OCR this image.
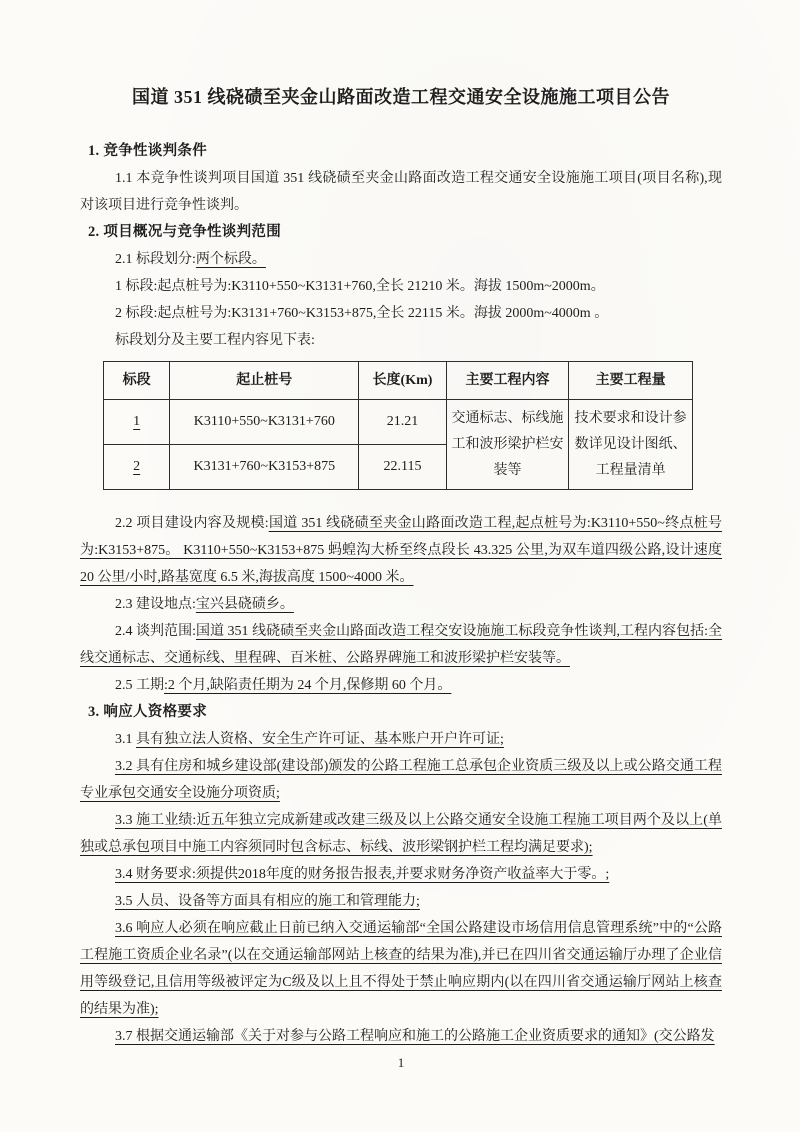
国道 351 线硗碛至夹金山路面改造工程交通安全设施施工项目公告
1. 竞争性谈判条件

1.1 本竞争性谈判项目国道 351 线硗碛至夹金山路面改造工程交通安全设施施工项目(项目名称),现对该项目进行竞争性谈判。

2. 项目概况与竞争性谈判范围

2.1 标段划分:两个标段。

1 标段:起点桩号为:K3110+550~K3131+760,全长 21210 米。海拔 1500m~2000m。

2 标段:起点桩号为:K3131+760~K3153+875,全长 22115 米。海拔 2000m~4000m 。

标段划分及主要工程内容见下表:

标段	起止桩号	长度(Km)	主要工程内容	主要工程量
1	K3110+550~K3131+760	21.21	交通标志、标线施工和波形梁护栏安装等	技术要求和设计参数详见设计图纸、工程量清单
2	K3131+760~K3153+875	22.115		

2.2 项目建设内容及规模:国道 351 线硗碛至夹金山路面改造工程,起点桩号为:K3110+550~终点桩号为:K3153+875。 K3110+550~K3153+875 蚂蝗沟大桥至终点段长 43.325 公里,为双车道四级公路,设计速度 20 公里/小时,路基宽度 6.5 米,海拔高度 1500~4000 米。

2.3 建设地点:宝兴县硗碛乡。

2.4 谈判范围:国道 351 线硗碛至夹金山路面改造工程交安设施施工标段竞争性谈判,工程内容包括:全线交通标志、交通标线、里程碑、百米桩、公路界碑施工和波形梁护栏安装等。

2.5 工期:2 个月,缺陷责任期为 24 个月,保修期 60 个月。

3. 响应人资格要求

3.1 具有独立法人资格、安全生产许可证、基本账户开户许可证;

3.2 具有住房和城乡建设部(建设部)颁发的公路工程施工总承包企业资质三级及以上或公路交通工程专业承包交通安全设施分项资质;

3.3 施工业绩:近五年独立完成新建或改建三级及以上公路交通安全设施工程施工项目两个及以上(单独或总承包项目中施工内容须同时包含标志、标线、波形梁钢护栏工程均满足要求);

3.4 财务要求:须提供2018年度的财务报告报表,并要求财务净资产收益率大于零。;

3.5 人员、设备等方面具有相应的施工和管理能力;

3.6 响应人必须在响应截止日前已纳入交通运输部“全国公路建设市场信用信息管理系统”中的“公路工程施工资质企业名录”(以在交通运输部网站上核查的结果为准),并已在四川省交通运输厅办理了企业信用等级登记,且信用等级被评定为C级及以上且不得处于禁止响应期内(以在四川省交通运输厅网站上核查的结果为准);

3.7 根据交通运输部《关于对参与公路工程响应和施工的公路施工企业资质要求的通知》(交公路发

1
